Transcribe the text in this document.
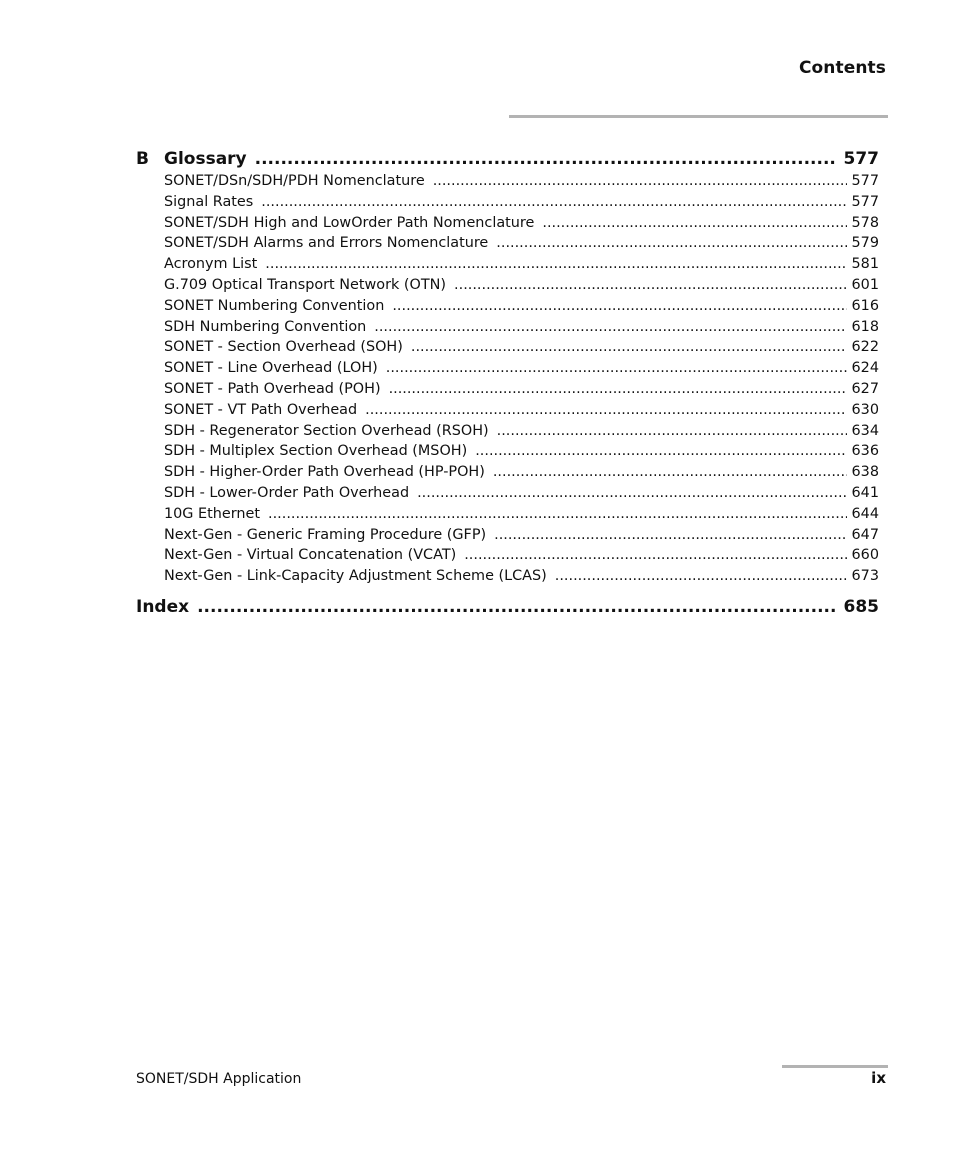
Contents
B Glossary .....	577
SONET/DSn/SDH/PDH Nomenclature .....	577
Signal Rates .....	577
SONET/SDH High and LowOrder Path Nomenclature .....	578
SONET/SDH Alarms and Errors Nomenclature .....	579
Acronym List .....	581
G.709 Optical Transport Network (OTN) .....	601
SONET Numbering Convention .....	616
SDH Numbering Convention .....	618
SONET - Section Overhead (SOH) .....	622
SONET - Line Overhead (LOH) .....	624
SONET - Path Overhead (POH) .....	627
SONET - VT Path Overhead .....	630
SDH - Regenerator Section Overhead (RSOH) .....	634
SDH - Multiplex Section Overhead (MSOH) .....	636
SDH - Higher-Order Path Overhead (HP-POH) .....	638
SDH - Lower-Order Path Overhead .....	641
10G Ethernet .....	644
Next-Gen - Generic Framing Procedure (GFP) .....	647
Next-Gen - Virtual Concatenation (VCAT) .....	660
Next-Gen - Link-Capacity Adjustment Scheme (LCAS) .....	673
Index .....	685
SONET/SDH Application	ix
